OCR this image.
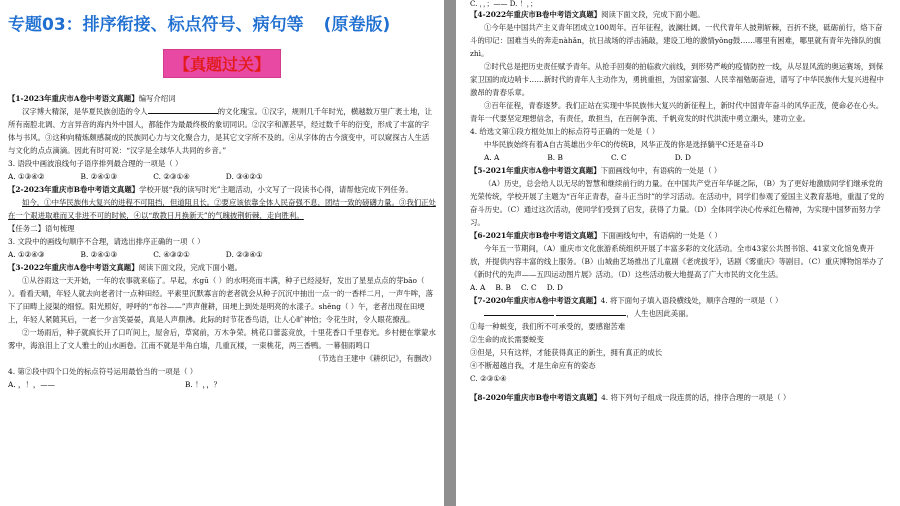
专题03：排序衔接、标点符号、病句等 (原卷版)
【真题过关】

【1-2023年重庆市A卷中考语文真题】编写介绍词

汉字博大精深，是华夏民族创造的令人	的文化瑰宝。①汉字，规则几千年时光，横越数万里广袤土地，让所有南腔北调、方言异音的海内外中国人，都能作为最最终极的象切同识。②汉字和源甚早，经过数千年的衍变，形成了丰富的字体与书风。③这种向精炼颇感凝成的民族同心力与文化聚合力，是其它文字所不及的。④从字体的古今演变中，可以窥探古人生活与文化的点点滴滴。因此有时可说：“汉字是全球华人共同的乡音。”

3. 语段中画波浪线句子语序排列最合理的一项是（ ）

A. ①③④②	B. ②④①③	C. ②③①④	D. ③④②①

【2-2023年重庆市B卷中考语文真题】学校开展“我的读写时光”主题活动，小文写了一段读书心得，请帮他完成下列任务。

如今，①中华民族伟大复兴的进程不可阻挡，但道阻且长。②要应该依靠全体人民奋强不息，团结一致的磅礴力量。③我们正处在一个艰进取难而又非进不可的时候，④以“敢教日月换新天”的气魄披荆斩棘，走向胜利。

【任务二】语句梳理

3. 文段中的画线句顺序不合理，请选出排序正确的一项（ ）

A. ①②④③	B. ②④①③	C. ④③②①	D. ②③④①

【3-2022年重庆市A卷中考语文真题】阅读下面文段，完成下面小题。

①从谷雨这一天开始，一年的农事就来临了。早起，水gū（ ）的水明亮而丰满，种子已经浸好，发出了星星点点的芽bāo（ ）。看看天晴，年轻人就去向老者讨一点种田经。平素里沉默寡言的老者就会从种子沉沉中抽出一点一的一香样二月，一声牛哞，落下了田畴上浸渠的细惊。阳光照好，呼呼的“布谷——”声声催耕，田埂上到处是明亮的水漾子。shěng（ ）午，老者出现在田埂上，年轻人紧随其后，一老一少言笑晏晏，真是人声鼎沸。此际的时节花香鸟语，让人心旷神怡；令花生时，令人眼花撩乱。

②一场雨后，种子就疯长开了口吖间上，屋舍后，草窝前，万木争荣。桃花口蕾蕊竞放，十里花香口千里春光。乡村便在掌蒙水雾中，海浪泪上了文人雅士的山水画卷。江南不就是半角白墙，几重瓦楼，一束桃花，两三香鸭。一幕佃雨鸣口

（节选自王建中《耕织记》，有删改）

4. 第②段中四个口处的标点符号运用最恰当的一项是（ ）

A. ，！，——	B. ！，，？

C. ，，；—— D. ！，；

【4-2022年重庆市B卷中考语文真题】阅读下面文段，完成下面小题。

①今年是中国共产主义青年团成立100周年。百年征程，波澜壮阔。一代代青年人披荆斩棘，百折不挠，砥砺前行，烙下奋斗的印记：国难当头的奔走nàhǎn，抗日战场的浮击浦敲，建设工地的激情yǒng鼓……哪里有困难，哪里就有青年先锋队的旗zhì。

②时代总是把历史责任赋予青年。从抢手回奏的拍临救穴前线，到形势严峻的疫情防控一线，从尽显风流的奥运赛场，到保家卫国的成边哨卡……新时代的青年人主动作为，勇挑重担，为国家富强、人民幸福勉砺奋进，谱写了中华民族伟大复兴进程中激昂的青春乐章。

③百年征程，青春逐梦。我们正站在实现中华民族伟大复兴的新征程上，新时代中国青年奋斗的风华正茂，使命必在心头。青年一代要坚定理想信念，有责任，敢担当，在百舸争流、千帆竞发的时代洪流中勇立潮头，建功立业。

4. 给选文第①段方框处加上的标点符号正确的一处是（ ）

中华民族始终有着A自古英雄出少年C的传统B，风华正茂的你是选择躺平C还是奋斗D

A. A	B. B	C. C	D. D

【5-2021年重庆市A卷中考语文真题】下面画线句中，有语病的一处是（ ）

（A）历史，总会给人以无尽的智慧和继续前行的力量。在中国共产党百年华诞之际，（B）为了更好地激励同学们继承党的光荣传统，学校开展了主题为“百年正青春，奋斗正当时”的学习活动。在活动中，同学们参观了爱国主义教育基地，重温了党的奋斗历史。（C）通过这次活动，使同学们受到了启发，获得了力量。（D）全体同学决心传承红色精神，为实现中国梦而努力学习。

【6-2021年重庆市B卷中考语文真题】下面画线句中，有语病的一处是（ ）

今年五一节期间，（A）重庆市文化旅游系统组织开展了丰富多彩的文化活动。全市43家公共图书馆、41家文化馆免费开放，并提供内容丰富的线上服务。（B）山城曲艺场推出了儿童剧《老虎拔牙》，话剧《雾重庆》等剧目。（C）重庆博物馆举办了《新时代的先声——五四运动图片展》活动。（D）这些活动极大地提高了广大市民的文化生活。

A. A B. B C. C D. D

【7-2020年重庆市A卷中考语文真题】4. 将下面句子填入语段横线处，顺序合理的一项是（ ）

，人生也因此美丽。

①每一种蜕变，我们所不可承受的，要感谢苦难

②生命的成长需要蜕变

③但是，只有这样，才能获得真正的新生，拥有真正的成长

④不断超越自我，才是生命应有的姿态

C. ②③①④

【8-2020年重庆市B卷中考语文真题】4. 将下列句子组成一段连贯的话，排序合理的一项是（ ）
